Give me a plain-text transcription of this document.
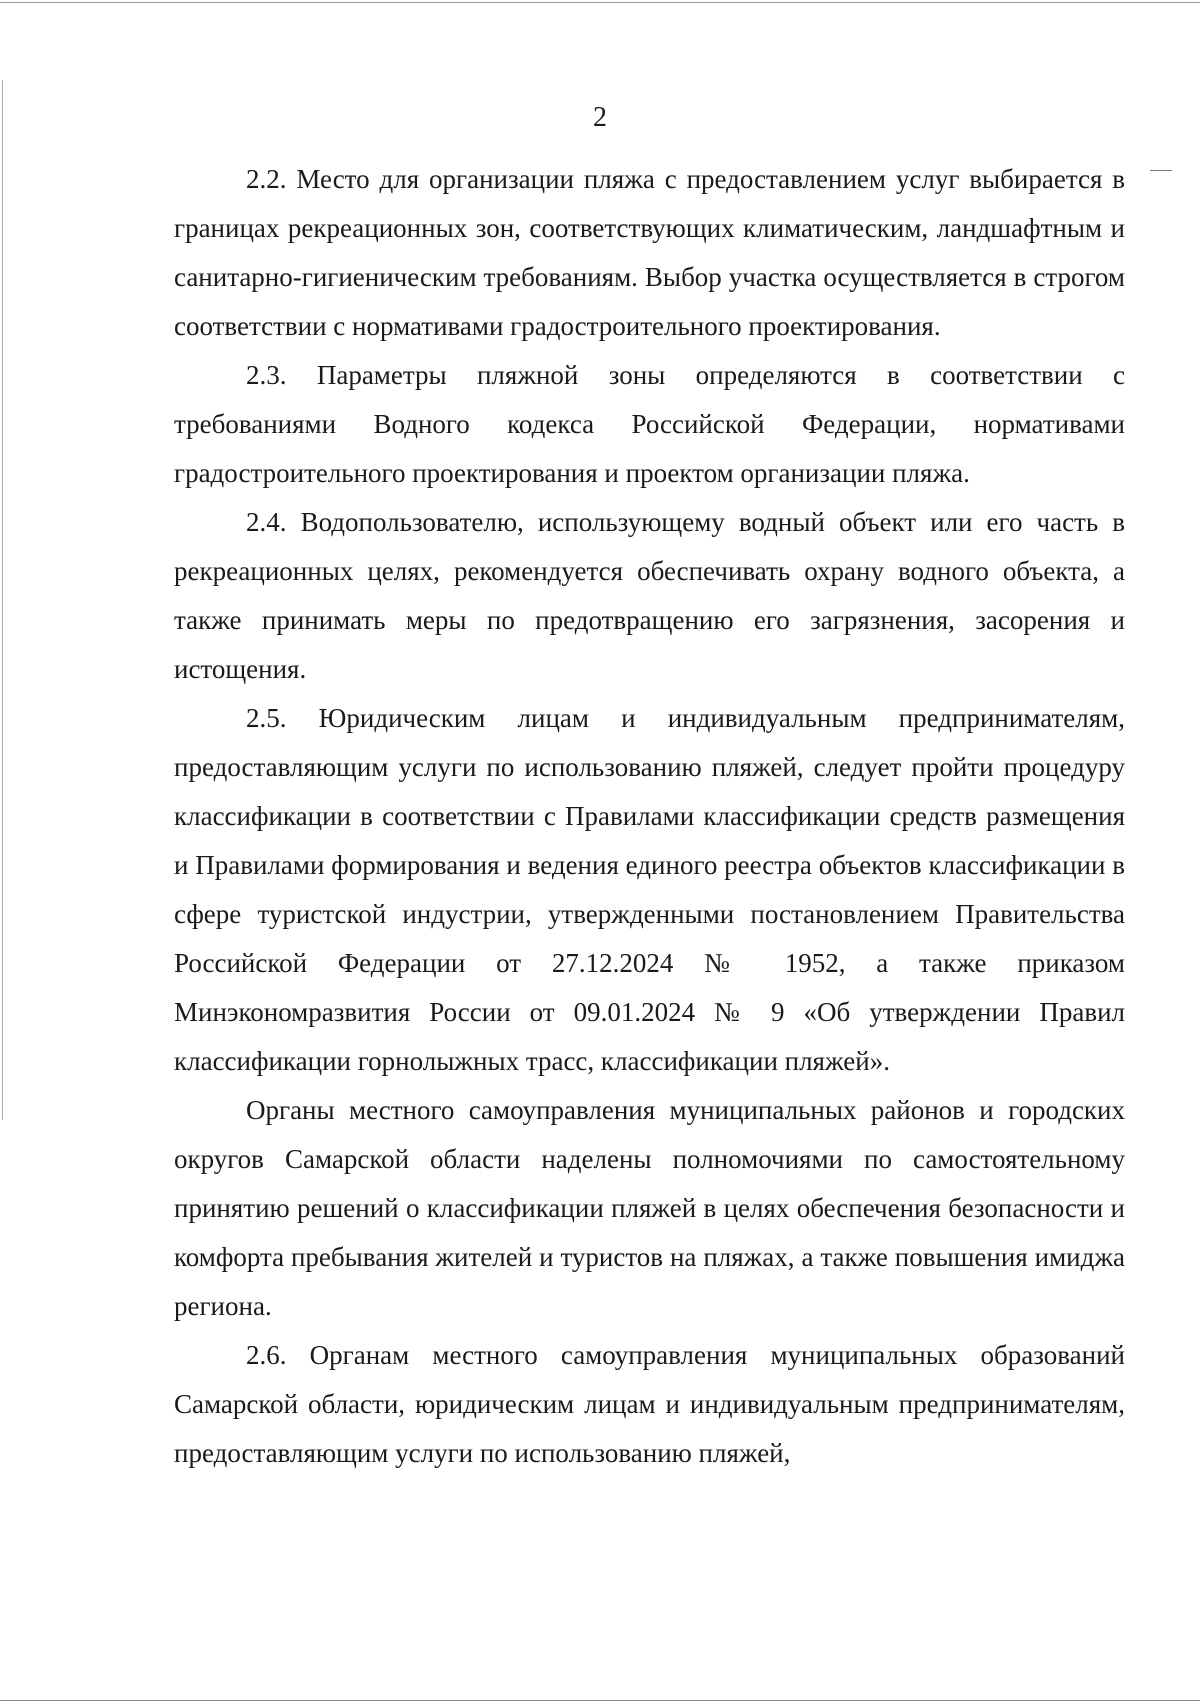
2

2.2. Место для организации пляжа с предоставлением услуг выбирается в границах рекреационных зон, соответствующих климатическим, ландшафтным и санитарно-гигиеническим требованиям. Выбор участка осуществляется в строгом соответствии с нормативами градостроительного проектирования.

2.3. Параметры пляжной зоны определяются в соответствии с требованиями Водного кодекса Российской Федерации, нормативами градостроительного проектирования и проектом организации пляжа.

2.4. Водопользователю, использующему водный объект или его часть в рекреационных целях, рекомендуется обеспечивать охрану водного объекта, а также принимать меры по предотвращению его загрязнения, засорения и истощения.

2.5. Юридическим лицам и индивидуальным предпринимателям, предоставляющим услуги по использованию пляжей, следует пройти процедуру классификации в соответствии с Правилами классификации средств размещения и Правилами формирования и ведения единого реестра объектов классификации в сфере туристской индустрии, утвержденными постановлением Правительства Российской Федерации от 27.12.2024 № 1952, а также приказом Минэкономразвития России от 09.01.2024 № 9 «Об утверждении Правил классификации горнолыжных трасс, классификации пляжей».

Органы местного самоуправления муниципальных районов и городских округов Самарской области наделены полномочиями по самостоятельному принятию решений о классификации пляжей в целях обеспечения безопасности и комфорта пребывания жителей и туристов на пляжах, а также повышения имиджа региона.

2.6. Органам местного самоуправления муниципальных образований Самарской области, юридическим лицам и индивидуальным предпринимателям, предоставляющим услуги по использованию пляжей,
